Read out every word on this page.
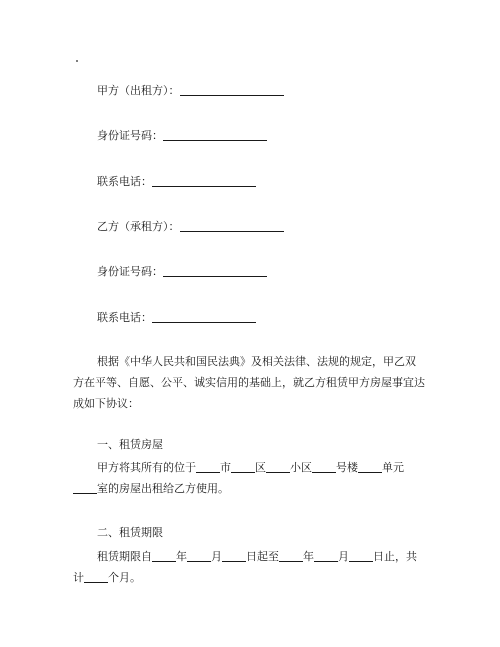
甲方（出租方）：
身份证号码：
联系电话：
乙方（承租方）：
身份证号码：
联系电话：
根据《中华人民共和国民法典》及相关法律、法规的规定，甲乙双方在平等、自愿、公平、诚实信用的基础上，就乙方租赁甲方房屋事宜达成如下协议：
一、租赁房屋
甲方将其所有的位于 市 区 小区 号楼 单元
室的房屋出租给乙方使用。
二、租赁期限
租赁期限自 年 月 日起至 年 月 日止，共
计 个月。
